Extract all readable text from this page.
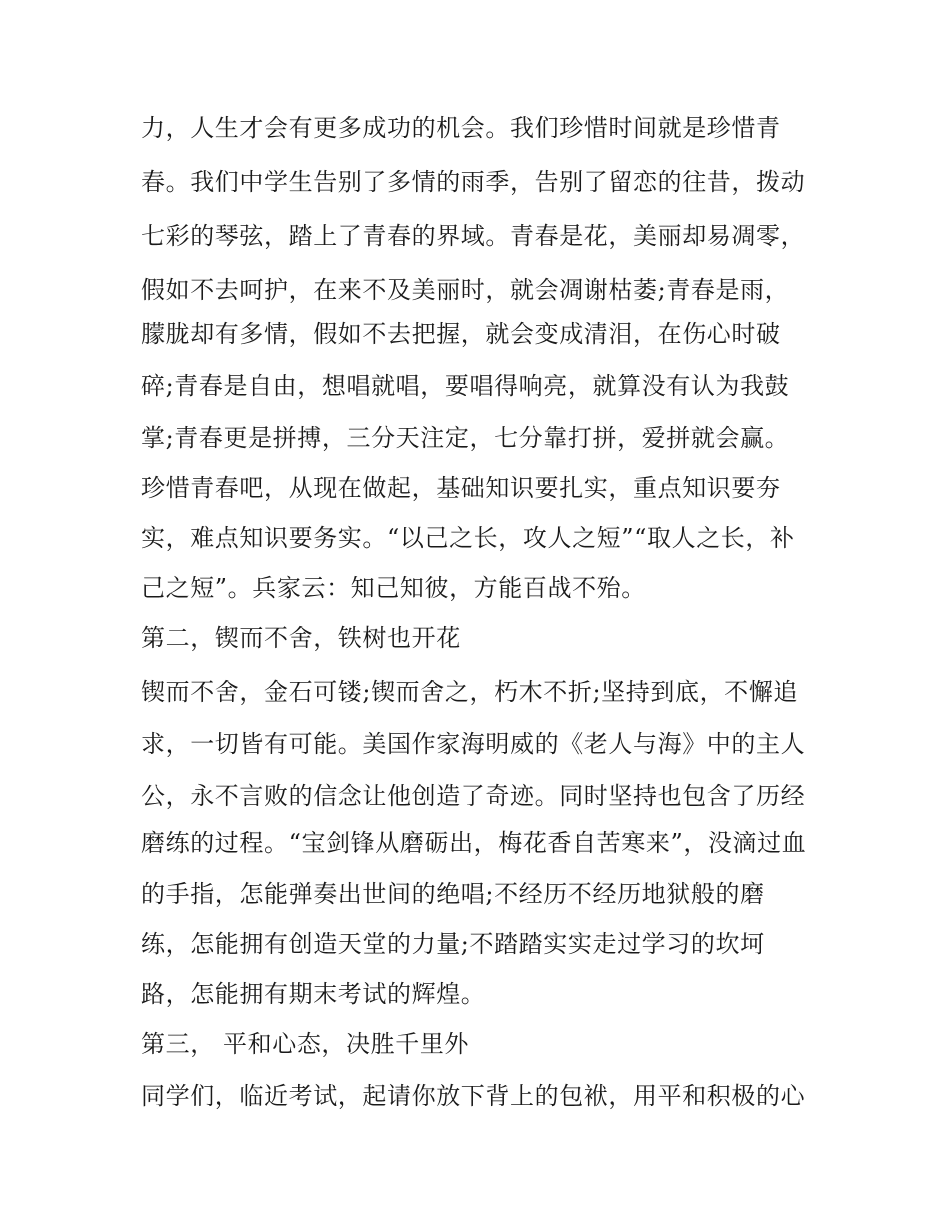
力，人生才会有更多成功的机会。我们珍惜时间就是珍惜青
春。我们中学生告别了多情的雨季，告别了留恋的往昔，拨动
七彩的琴弦，踏上了青春的界域。青春是花，美丽却易凋零，
假如不去呵护，在来不及美丽时，就会凋谢枯萎;青春是雨，
朦胧却有多情，假如不去把握，就会变成清泪，在伤心时破
碎;青春是自由，想唱就唱，要唱得响亮，就算没有认为我鼓
掌;青春更是拼搏，三分天注定，七分靠打拼，爱拼就会赢。
珍惜青春吧，从现在做起，基础知识要扎实，重点知识要夯
实，难点知识要务实。“以己之长，攻人之短”“取人之长，补
己之短”。兵家云：知己知彼，方能百战不殆。
第二，锲而不舍，铁树也开花
锲而不舍，金石可镂;锲而舍之，朽木不折;坚持到底，不懈追
求，一切皆有可能。美国作家海明威的《老人与海》中的主人
公，永不言败的信念让他创造了奇迹。同时坚持也包含了历经
磨练的过程。“宝剑锋从磨砺出，梅花香自苦寒来”，没滴过血
的手指，怎能弹奏出世间的绝唱;不经历不经历地狱般的磨
练，怎能拥有创造天堂的力量;不踏踏实实走过学习的坎坷
路，怎能拥有期末考试的辉煌。
第三， 平和心态，决胜千里外
同学们，临近考试，起请你放下背上的包袱，用平和积极的心
